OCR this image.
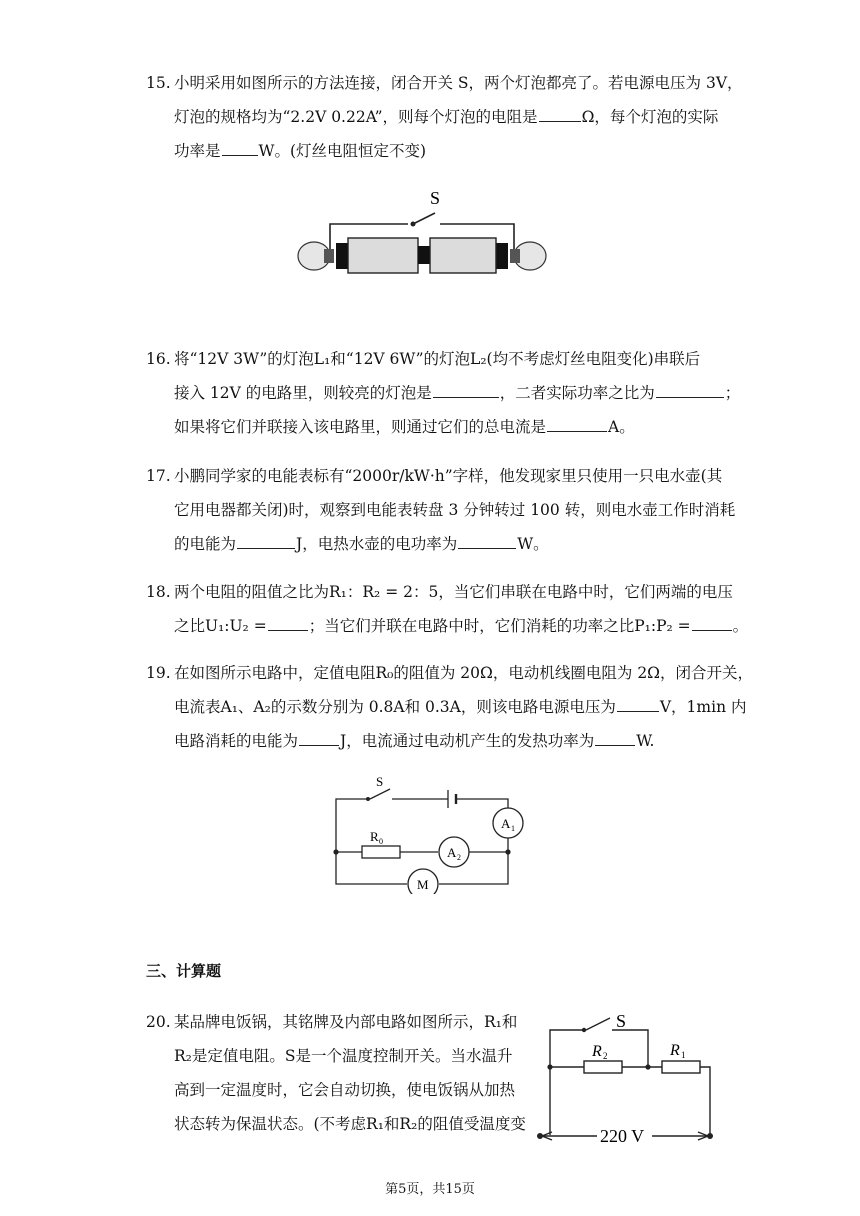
15. 小明采用如图所示的方法连接，闭合开关 S，两个灯泡都亮了。若电源电压为 3V，
灯泡的规格均为“2.2V 0.22A”，则每个灯泡的电阻是	Ω，每个灯泡的实际
功率是 W。(灯丝电阻恒定不变)
S
16. 将“12V 3W”的灯泡L₁和“12V 6W”的灯泡L₂(均不考虑灯丝电阻变化)串联后
接入 12V 的电路里，则较亮的灯泡是	，二者实际功率之比为	；
如果将它们并联接入该电路里，则通过它们的总电流是	A。
17. 小鹏同学家的电能表标有“2000r/kW·h”字样，他发现家里只使用一只电水壶(其
它用电器都关闭)时，观察到电能表转盘 3 分钟转过 100 转，则电水壶工作时消耗
的电能为	J，电热水壶的电功率为	W。
18. 两个电阻的阻值之比为R₁：R₂ = 2：5，当它们串联在电路中时，它们两端的电压
之比U₁:U₂ =	；当它们并联在电路中时，它们消耗的功率之比P₁:P₂ =	。
19. 在如图所示电路中，定值电阻R₀的阻值为 20Ω，电动机线圈电阻为 2Ω，闭合开关，
电流表A₁、A₂的示数分别为 0.8A和 0.3A，则该电路电源电压为	V，1min 内
电路消耗的电能为	J，电流通过电动机产生的发热功率为	W.
S
A 1
R 0
A 2
M
三、计算题
20. 某品牌电饭锅，其铭牌及内部电路如图所示，R₁和
R₂是定值电阻。S是一个温度控制开关。当水温升
高到一定温度时，它会自动切换，使电饭锅从加热
状态转为保温状态。(不考虑R₁和R₂的阻值受温度变
S
R 2	R 1
220 V
第5页，共15页
